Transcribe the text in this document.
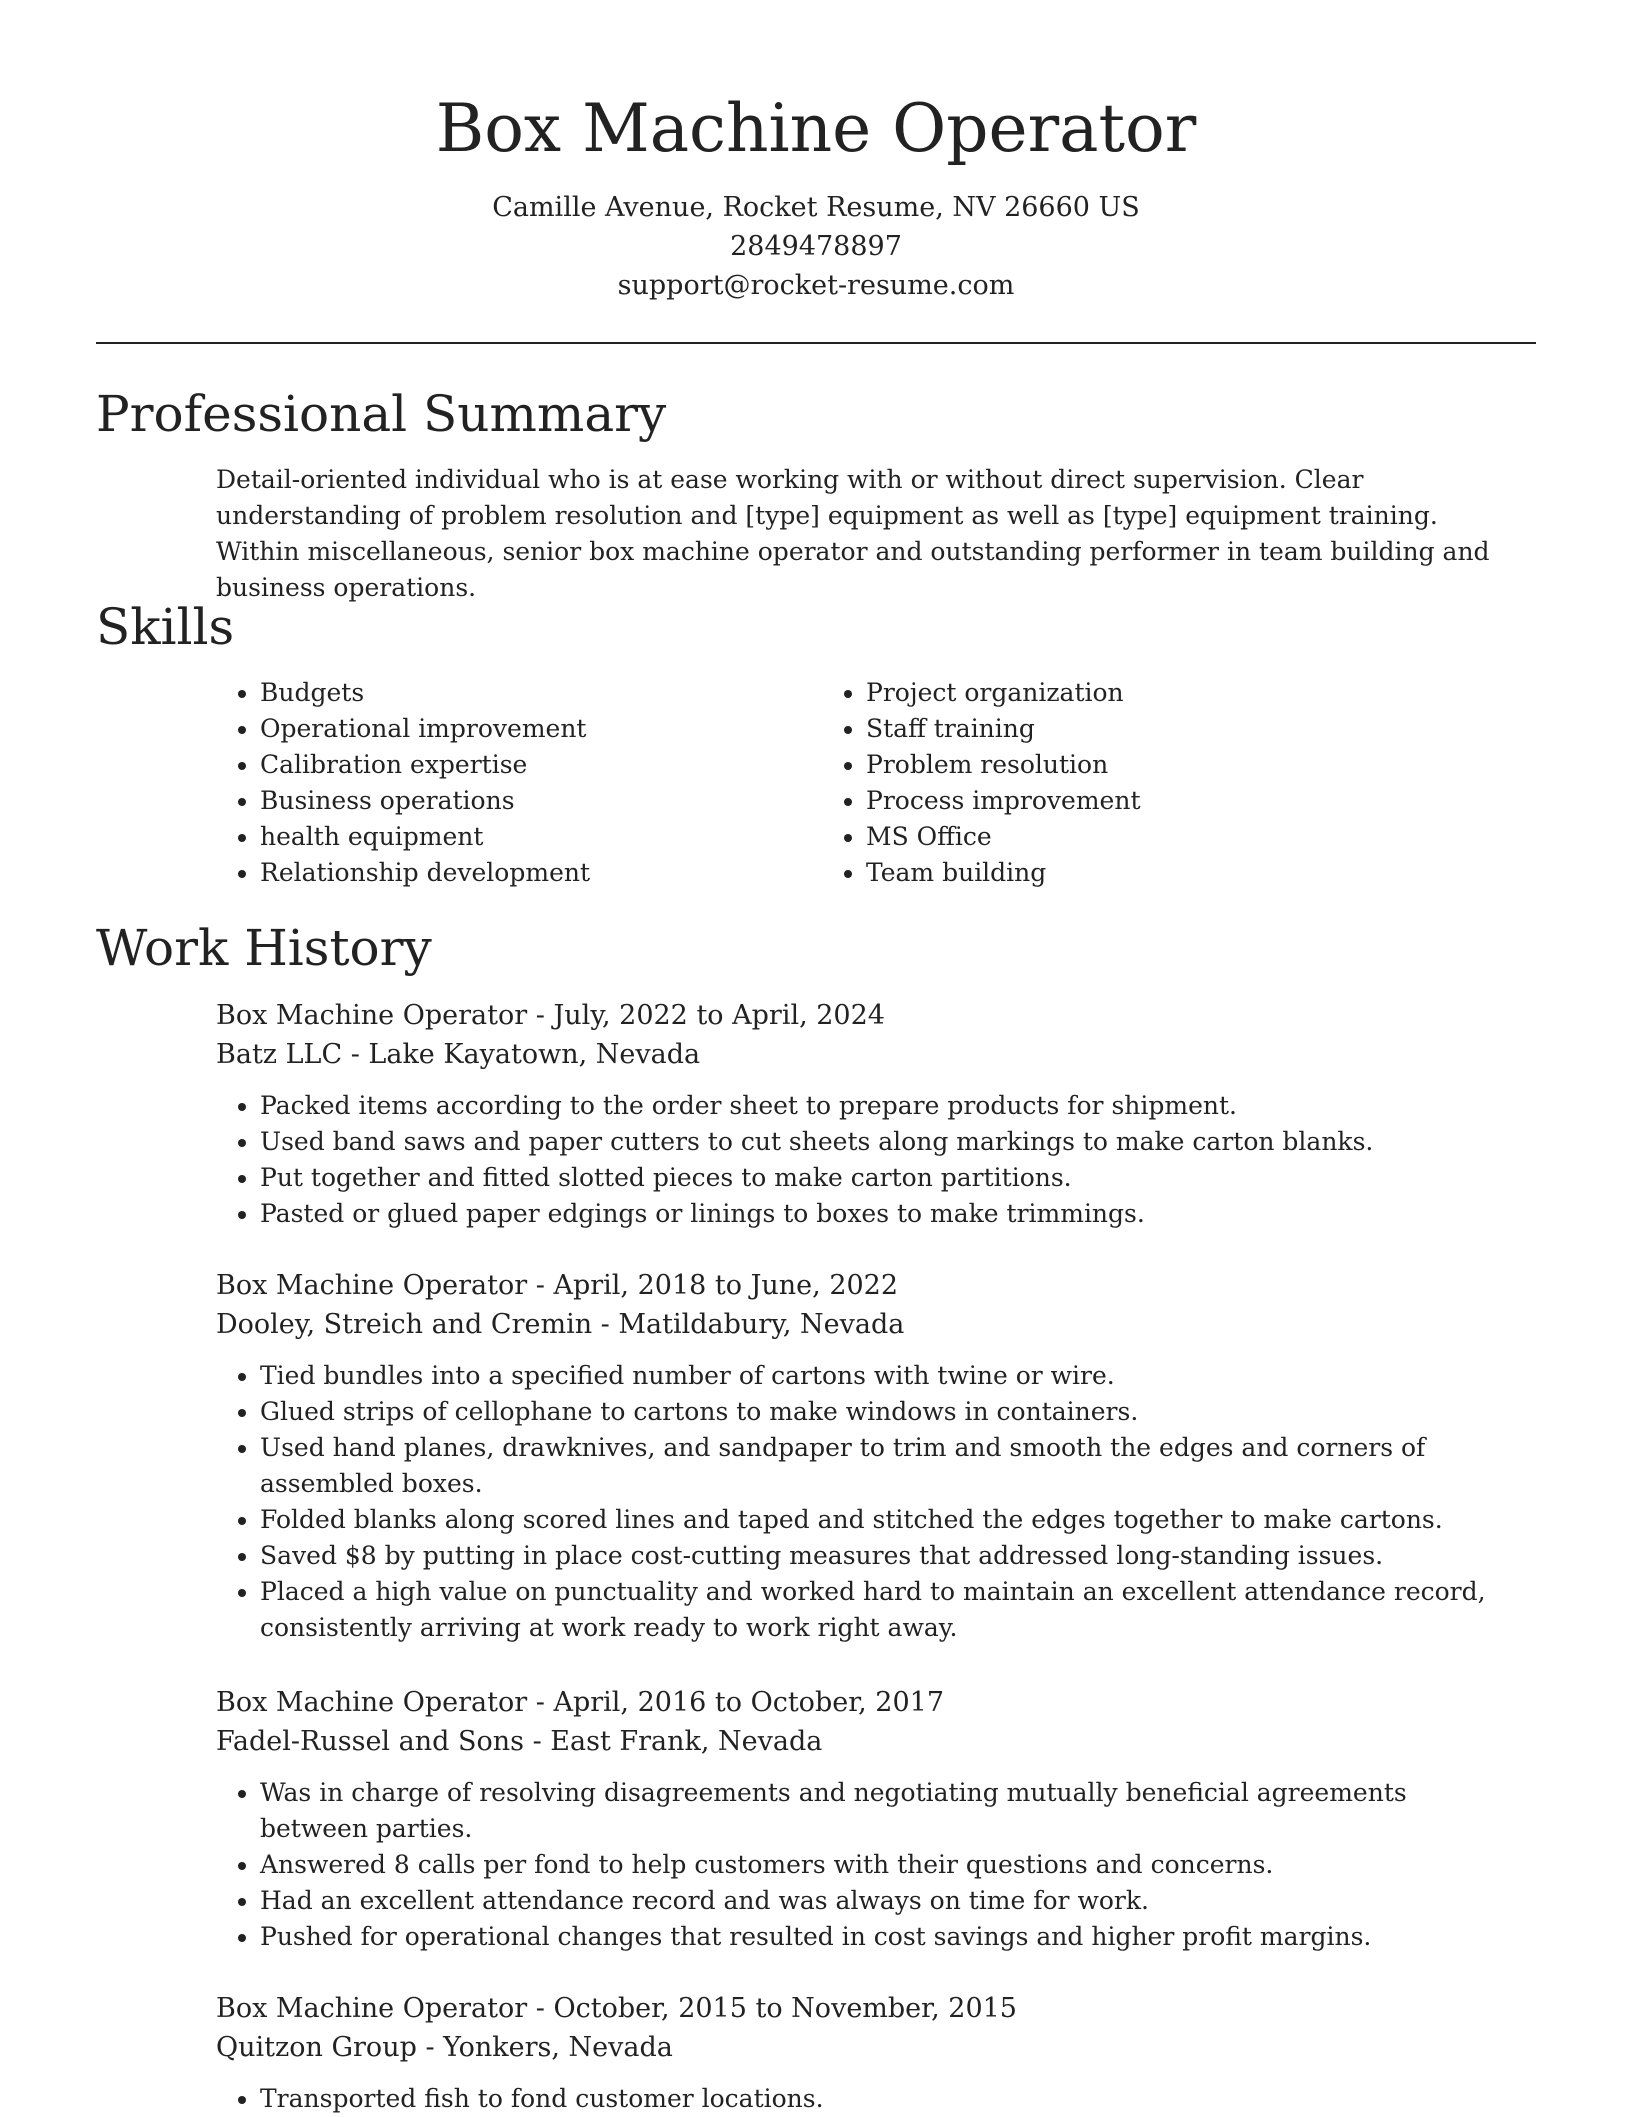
Box Machine Operator
Camille Avenue, Rocket Resume, NV 26660 US
2849478897
support@rocket-resume.com
Professional Summary

Detail-oriented individual who is at ease working with or without direct supervision. Clear understanding of problem resolution and [type] equipment as well as [type] equipment training. Within miscellaneous, senior box machine operator and outstanding performer in team building and business operations.

Skills
• Budgets
• Operational improvement
• Calibration expertise
• Business operations
• health equipment
• Relationship development
• Project organization
• Staff training
• Problem resolution
• Process improvement
• MS Office
• Team building
Work History
Box Machine Operator - July, 2022 to April, 2024
Batz LLC - Lake Kayatown, Nevada
• Packed items according to the order sheet to prepare products for shipment.
• Used band saws and paper cutters to cut sheets along markings to make carton blanks.
• Put together and fitted slotted pieces to make carton partitions.
• Pasted or glued paper edgings or linings to boxes to make trimmings.
Box Machine Operator - April, 2018 to June, 2022
Dooley, Streich and Cremin - Matildabury, Nevada
• Tied bundles into a specified number of cartons with twine or wire.
• Glued strips of cellophane to cartons to make windows in containers.
• Used hand planes, drawknives, and sandpaper to trim and smooth the edges and corners of assembled boxes.
• Folded blanks along scored lines and taped and stitched the edges together to make cartons.
• Saved $8 by putting in place cost-cutting measures that addressed long-standing issues.
• Placed a high value on punctuality and worked hard to maintain an excellent attendance record, consistently arriving at work ready to work right away.
Box Machine Operator - April, 2016 to October, 2017
Fadel-Russel and Sons - East Frank, Nevada
• Was in charge of resolving disagreements and negotiating mutually beneficial agreements between parties.
• Answered 8 calls per fond to help customers with their questions and concerns.
• Had an excellent attendance record and was always on time for work.
• Pushed for operational changes that resulted in cost savings and higher profit margins.
Box Machine Operator - October, 2015 to November, 2015
Quitzon Group - Yonkers, Nevada
• Transported fish to fond customer locations.
